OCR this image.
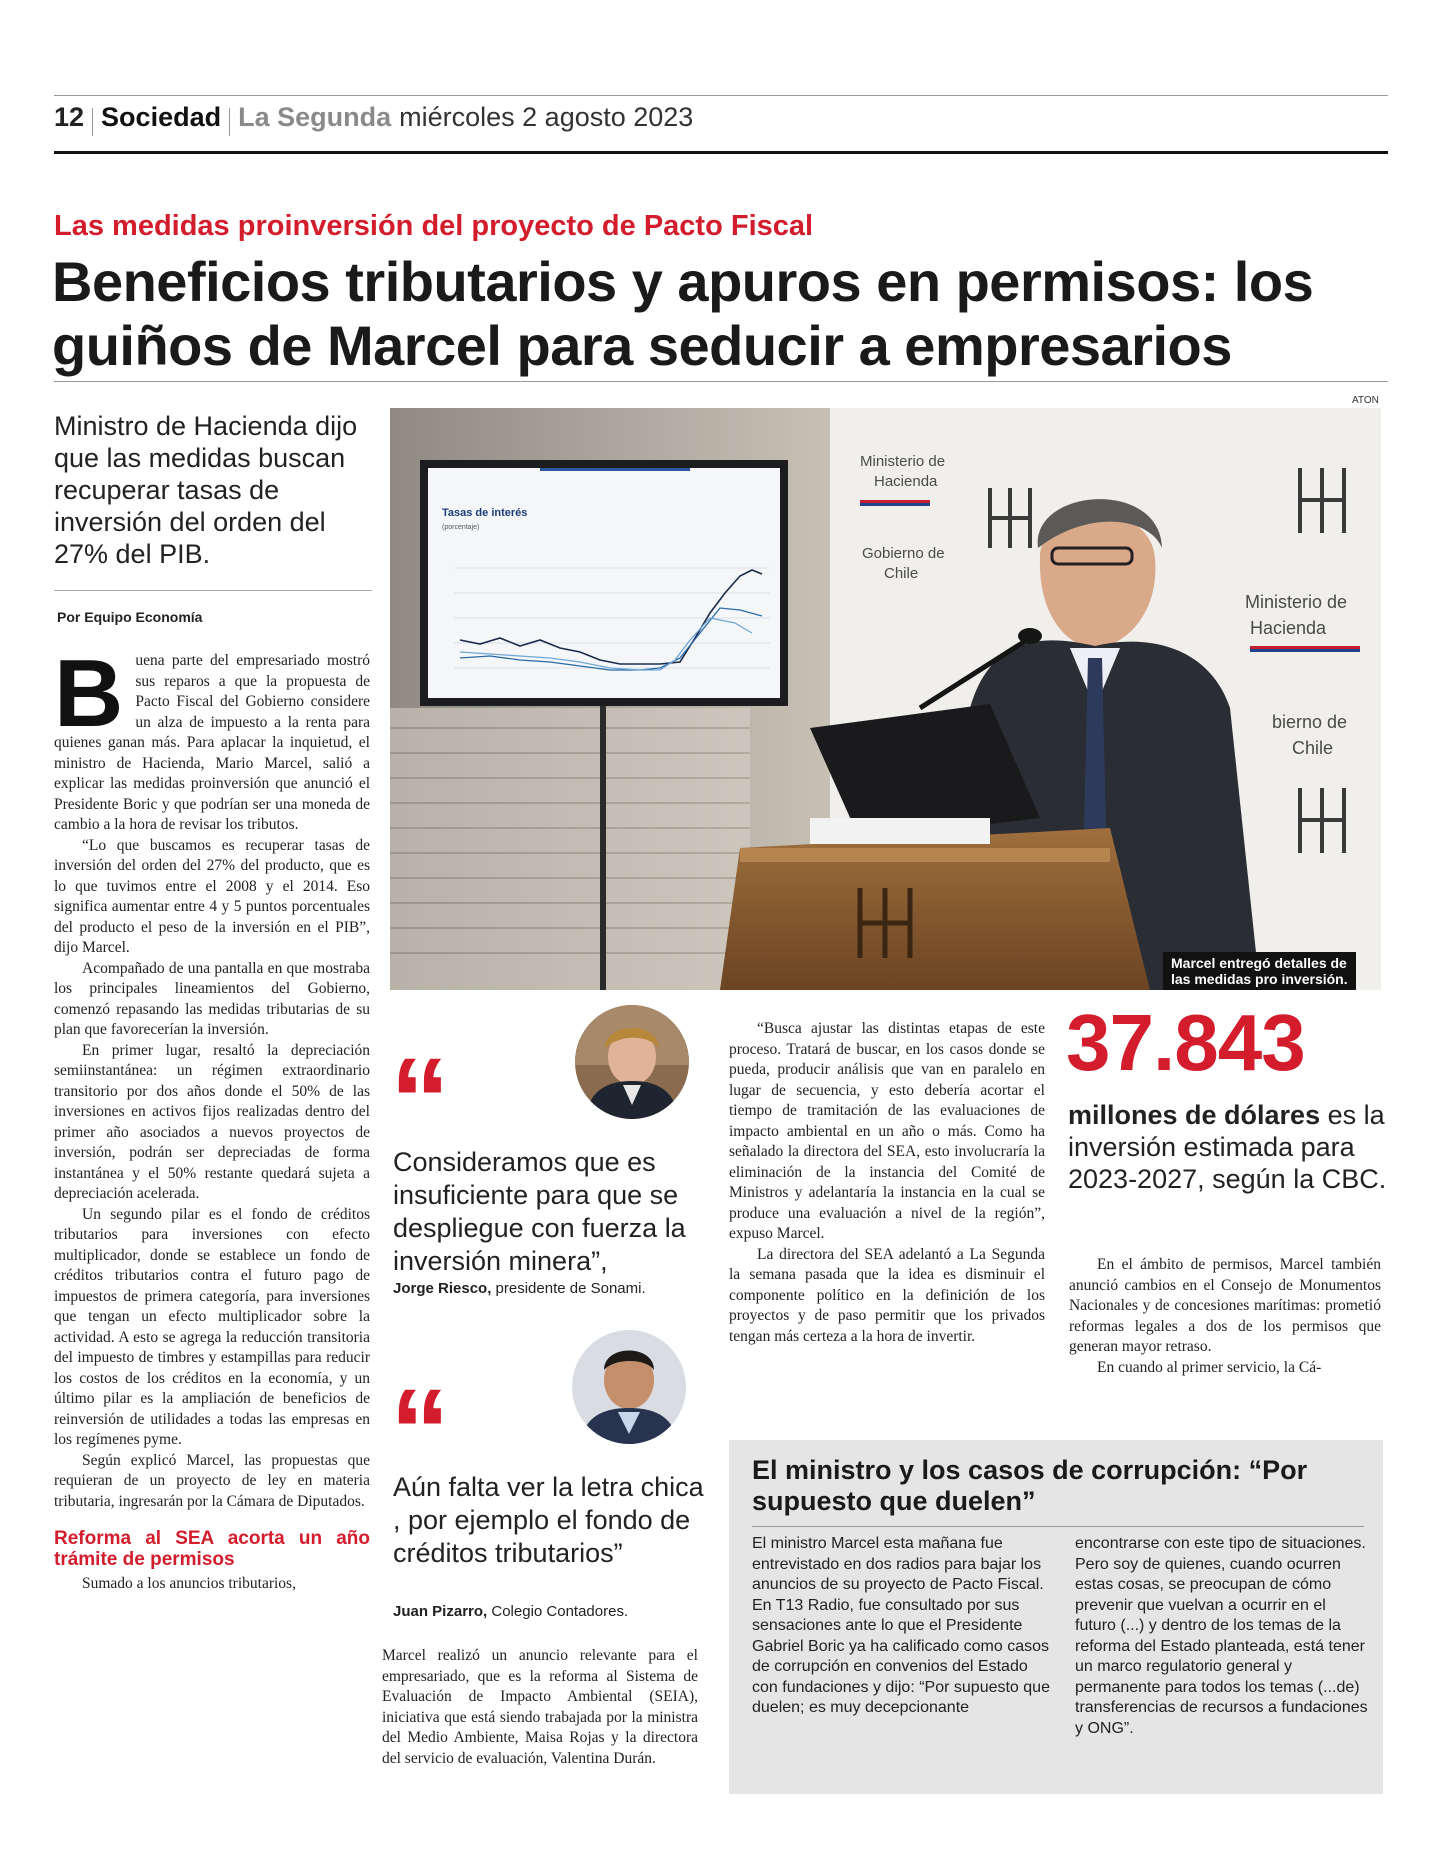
12 Sociedad La Segunda miércoles 2 agosto 2023
Las medidas proinversión del proyecto de Pacto Fiscal
Beneficios tributarios y apuros en permisos: los guiños de Marcel para seducir a empresarios
Ministro de Hacienda dijo que las medidas buscan recuperar tasas de inversión del orden del 27% del PIB.
Por Equipo Economía

Buena parte del empresariado mostró sus reparos a que la propuesta de Pacto Fiscal del Gobierno considere un alza de impuesto a la renta para quienes ganan más. Para aplacar la inquietud, el ministro de Hacienda, Mario Marcel, salió a explicar las medidas proinversión que anunció el Presidente Boric y que podrían ser una moneda de cambio a la hora de revisar los tributos.

“Lo que buscamos es recuperar tasas de inversión del orden del 27% del producto, que es lo que tuvimos entre el 2008 y el 2014. Eso significa aumentar entre 4 y 5 puntos porcentuales del producto el peso de la inversión en el PIB”, dijo Marcel.

Acompañado de una pantalla en que mostraba los principales lineamientos del Gobierno, comenzó repasando las medidas tributarias de su plan que favorecerían la inversión.

En primer lugar, resaltó la depreciación semiinstantánea: un régimen extraordinario transitorio por dos años donde el 50% de las inversiones en activos fijos realizadas dentro del primer año asociados a nuevos proyectos de inversión, podrán ser depreciadas de forma instantánea y el 50% restante quedará sujeta a depreciación acelerada.

Un segundo pilar es el fondo de créditos tributarios para inversiones con efecto multiplicador, donde se establece un fondo de créditos tributarios contra el futuro pago de impuestos de primera categoría, para inversiones que tengan un efecto multiplicador sobre la actividad. A esto se agrega la reducción transitoria del impuesto de timbres y estampillas para reducir los costos de los créditos en la economía, y un último pilar es la ampliación de beneficios de reinversión de utilidades a todas las empresas en los regímenes pyme.

Según explicó Marcel, las propuestas que requieran de un proyecto de ley en materia tributaria, ingresarán por la Cámara de Diputados.

Reforma al SEA acorta un año trámite de permisos

Sumado a los anuncios tributarios,

ATON
Ministerio de
Hacienda
Gobierno de
Chile
Ministerio de
Hacienda
bierno de
Chile
Tasas de interés
(porcentaje)
Marcel entregó detalles de
las medidas pro inversión.
“
Consideramos que es insuficiente para que se despliegue con fuerza la inversión minera”,
Jorge Riesco, presidente de Sonami.
“
Aún falta ver la letra chica , por ejemplo el fondo de créditos tributarios”
Juan Pizarro, Colegio Contadores.

Marcel realizó un anuncio relevante para el empresariado, que es la reforma al Sistema de Evaluación de Impacto Ambiental (SEIA), iniciativa que está siendo trabajada por la ministra del Medio Ambiente, Maisa Rojas y la directora del servicio de evaluación, Valentina Durán.

“Busca ajustar las distintas etapas de este proceso. Tratará de buscar, en los casos donde se pueda, producir análisis que van en paralelo en lugar de secuencia, y esto debería acortar el tiempo de tramitación de las evaluaciones de impacto ambiental en un año o más. Como ha señalado la directora del SEA, esto involucraría la eliminación de la instancia del Comité de Ministros y adelantaría la instancia en la cual se produce una evaluación a nivel de la región”, expuso Marcel.

La directora del SEA adelantó a La Segunda la semana pasada que la idea es disminuir el componente político en la definición de los proyectos y de paso permitir que los privados tengan más certeza a la hora de invertir.

37.843
millones de dólares es la inversión estimada para 2023-2027, según la CBC.

En el ámbito de permisos, Marcel también anunció cambios en el Consejo de Monumentos Nacionales y de concesiones marítimas: prometió reformas legales a dos de los permisos que generan mayor retraso.

En cuando al primer servicio, la Cá-

El ministro y los casos de corrupción: “Por supuesto que duelen”

El ministro Marcel esta mañana fue entrevistado en dos radios para bajar los anuncios de su proyecto de Pacto Fiscal.

En T13 Radio, fue consultado por sus sensaciones ante lo que el Presidente Gabriel Boric ya ha calificado como casos de corrupción en convenios del Estado con fundaciones y dijo: “Por supuesto que duelen; es muy decepcionante

encontrarse con este tipo de situaciones. Pero soy de quienes, cuando ocurren estas cosas, se preocupan de cómo prevenir que vuelvan a ocurrir en el futuro (...) y dentro de los temas de la reforma del Estado planteada, está tener un marco regulatorio general y permanente para todos los temas (...de) transferencias de recursos a fundaciones y ONG”.
